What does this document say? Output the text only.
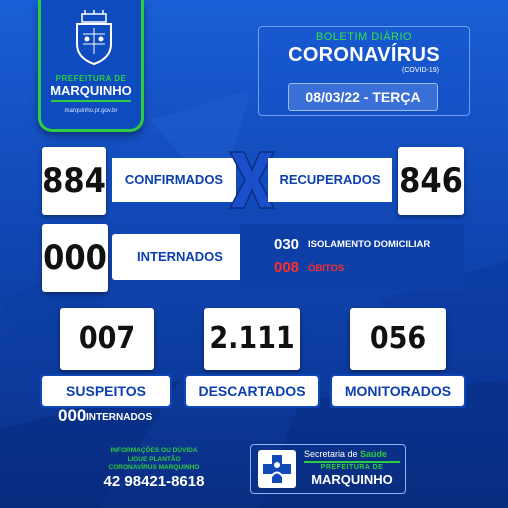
PREFEITURA DE
MARQUINHO
marquinho.pr.gov.br
BOLETIM DIÁRIO
CORONAVÍRUS
(COVID-19)
08/03/22 - TERÇA
884	CONFIRMADOS	RECUPERADOS 846
000	INTERNADOS
030 ISOLAMENTO DOMICILIAR
008 ÓBITOS
007
SUSPEITOS
2.111
DESCARTADOS
056
MONITORADOS
000 INTERNADOS
INFORMAÇÕES OU DÚVIDA
LIGUE PLANTÃO
CORONAVÍRUS MARQUINHO
42 98421-8618
Secretaria de Saúde
PREFEITURA DE
MARQUINHO
